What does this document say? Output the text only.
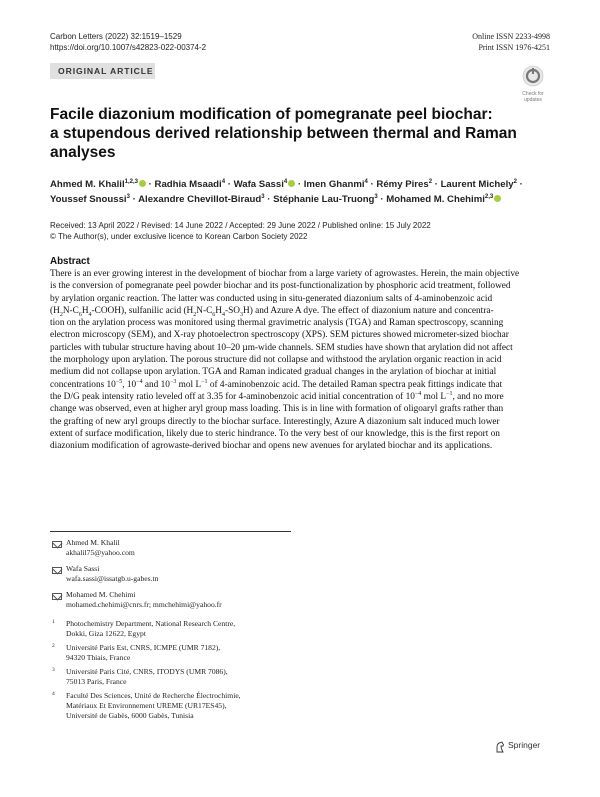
Carbon Letters (2022) 32:1519–1529
https://doi.org/10.1007/s42823-022-00374-2
Online ISSN 2233-4998
Print ISSN 1976-4251
ORIGINAL ARTICLE
Check for
updates
Facile diazonium modification of pomegranate peel biochar:
a stupendous derived relationship between thermal and Raman
analyses
Ahmed M. Khalil$^{1,2,3}$ · Radhia Msaadi$^4$ · Wafa Sassi$^4$ · Imen Ghanmi$^4$ · Rémy Pires$^2$ · Laurent Michely$^2$ ·
Youssef Snoussi$^3$ · Alexandre Chevillot-Biraud$^3$ · Stéphanie Lau-Truong$^3$ · Mohamed M. Chehimi$^{2,3}$
Received: 13 April 2022 / Revised: 14 June 2022 / Accepted: 29 June 2022 / Published online: 15 July 2022
© The Author(s), under exclusive licence to Korean Carbon Society 2022
Abstract
There is an ever growing interest in the development of biochar from a large variety of agrowastes. Herein, the main objective
is the conversion of pomegranate peel powder biochar and its post-functionalization by phosphoric acid treatment, followed
by arylation organic reaction. The latter was conducted using in situ-generated diazonium salts of 4-aminobenzoic acid
$(H_2N-C_6H_4-COOH)$, sulfanilic acid $(H_2N-C_6H_4-SO_3H)$ and Azure A dye. The effect of diazonium nature and concentra-
tion on the arylation process was monitored using thermal gravimetric analysis (TGA) and Raman spectroscopy, scanning
electron microscopy (SEM), and X-ray photoelectron spectroscopy (XPS). SEM pictures showed micrometer-sized biochar
particles with tubular structure having about 10–20 µm-wide channels. SEM studies have shown that arylation did not affect
the morphology upon arylation. The porous structure did not collapse and withstood the arylation organic reaction in acid
medium did not collapse upon arylation. TGA and Raman indicated gradual changes in the arylation of biochar at initial
concentrations $10^{-5}$, $10^{-4}$ and $10^{-3}$ mol $L^{-1}$ of 4-aminobenzoic acid. The detailed Raman spectra peak fittings indicate that
the D/G peak intensity ratio leveled off at 3.35 for 4-aminobenzoic acid initial concentration of $10^{-4}$ mol $L^{-1}$, and no more
change was observed, even at higher aryl group mass loading. This is in line with formation of oligoaryl grafts rather than
the grafting of new aryl groups directly to the biochar surface. Interestingly, Azure A diazonium salt induced much lower
extent of surface modification, likely due to steric hindrance. To the very best of our knowledge, this is the first report on
diazonium modification of agrowaste-derived biochar and opens new avenues for arylated biochar and its applications.
Ahmed M. Khalil
akhalil75@yahoo.com
Wafa Sassi
wafa.sassi@issatgb.u-gabes.tn
Mohamed M. Chehimi
mohamed.chehimi@cnrs.fr; mmchehimi@yahoo.fr
1 Photochemistry Department, National Research Centre,
Dokki, Giza 12622, Egypt
2 Université Paris Est, CNRS, ICMPE (UMR 7182),
94320 Thiais, France
3 Université Paris Cité, CNRS, ITODYS (UMR 7086),
75013 Paris, France
4 Faculté Des Sciences, Unité de Recherche Électrochimie,
Matériaux Et Environnement UREME (UR17ES45),
Université de Gabès, 6000 Gabès, Tunisia
Springer
